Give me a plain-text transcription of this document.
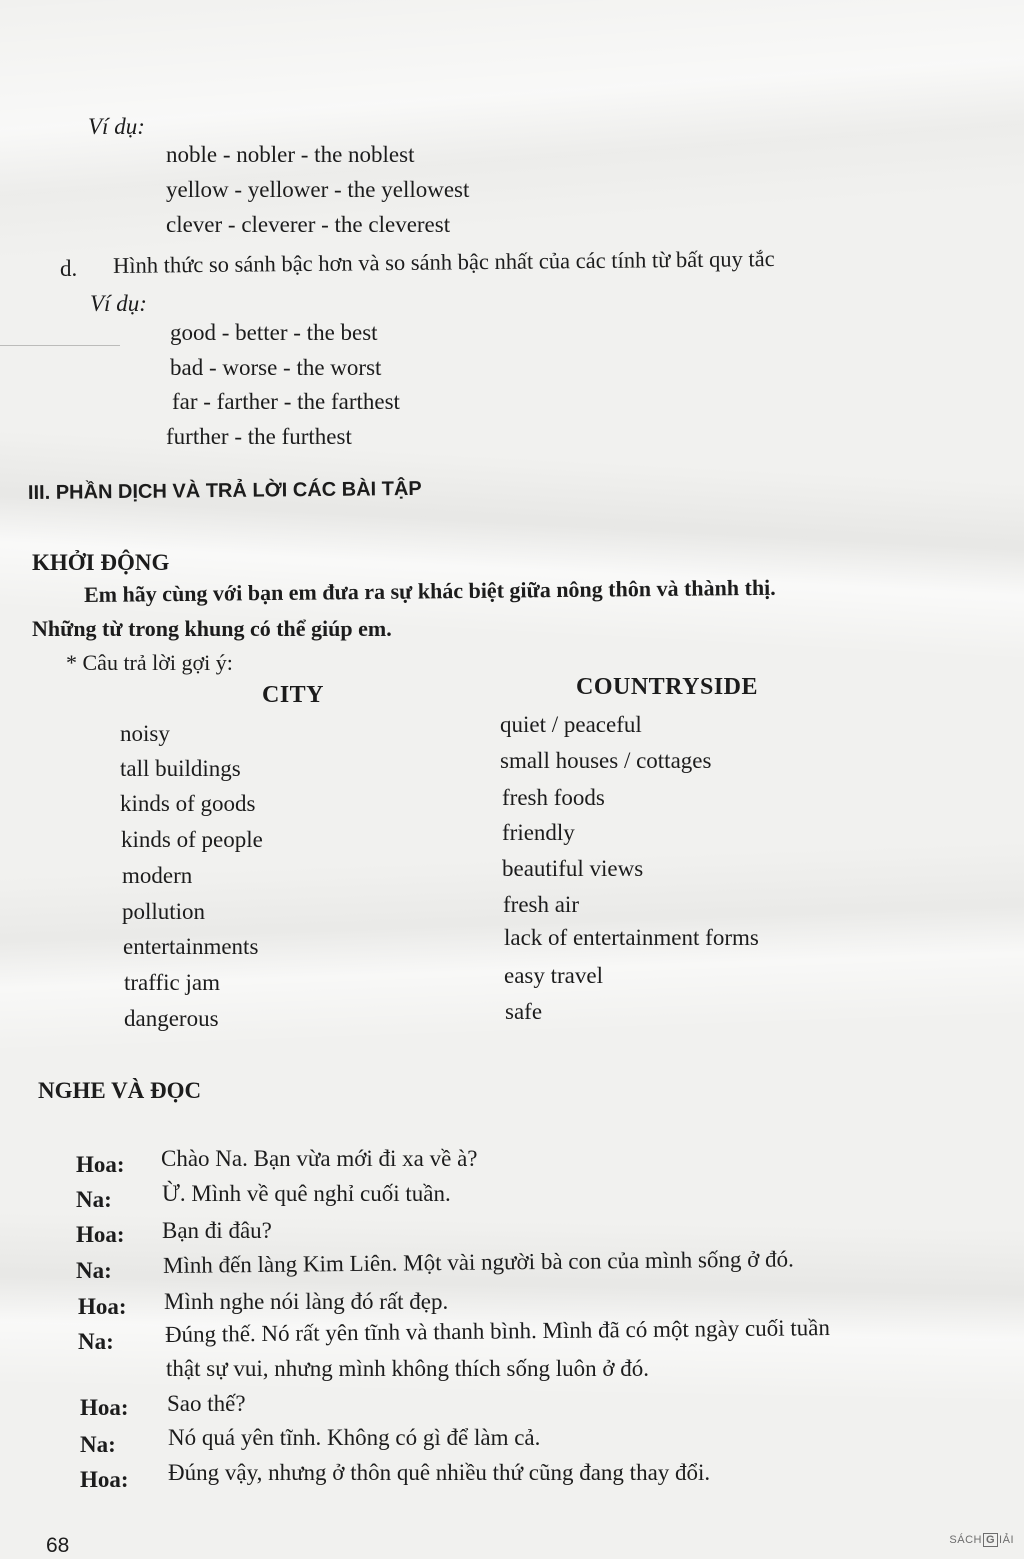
Ví dụ:
noble - nobler - the noblest
yellow - yellower - the yellowest
clever - cleverer - the cleverest
d. Hình thức so sánh bậc hơn và so sánh bậc nhất của các tính từ bất quy tắc
Ví dụ:
good - better - the best
bad - worse - the worst
far - farther - the farthest
further - the furthest
III. PHẦN DỊCH VÀ TRẢ LỜI CÁC BÀI TẬP
KHỞI ĐỘNG
Em hãy cùng với bạn em đưa ra sự khác biệt giữa nông thôn và thành thị.
Những từ trong khung có thể giúp em.
* Câu trả lời gợi ý:
CITY	COUNTRYSIDE
noisy
tall buildings
kinds of goods
kinds of people
modern
pollution
entertainments
traffic jam
dangerous
quiet / peaceful
small houses / cottages
fresh foods
friendly
beautiful views
fresh air
lack of entertainment forms
easy travel
safe
NGHE VÀ ĐỌC
Hoa: Chào Na. Bạn vừa mới đi xa về à?
Na: Ừ. Mình về quê nghỉ cuối tuần.
Hoa: Bạn đi đâu?
Na: Mình đến làng Kim Liên. Một vài người bà con của mình sống ở đó.
Hoa: Mình nghe nói làng đó rất đẹp.
Na: Đúng thế. Nó rất yên tĩnh và thanh bình. Mình đã có một ngày cuối tuần
thật sự vui, nhưng mình không thích sống luôn ở đó.
Hoa: Sao thế?
Na: Nó quá yên tĩnh. Không có gì để làm cả.
Hoa: Đúng vậy, nhưng ở thôn quê nhiều thứ cũng đang thay đổi.
68	SÁCH G IẢI
